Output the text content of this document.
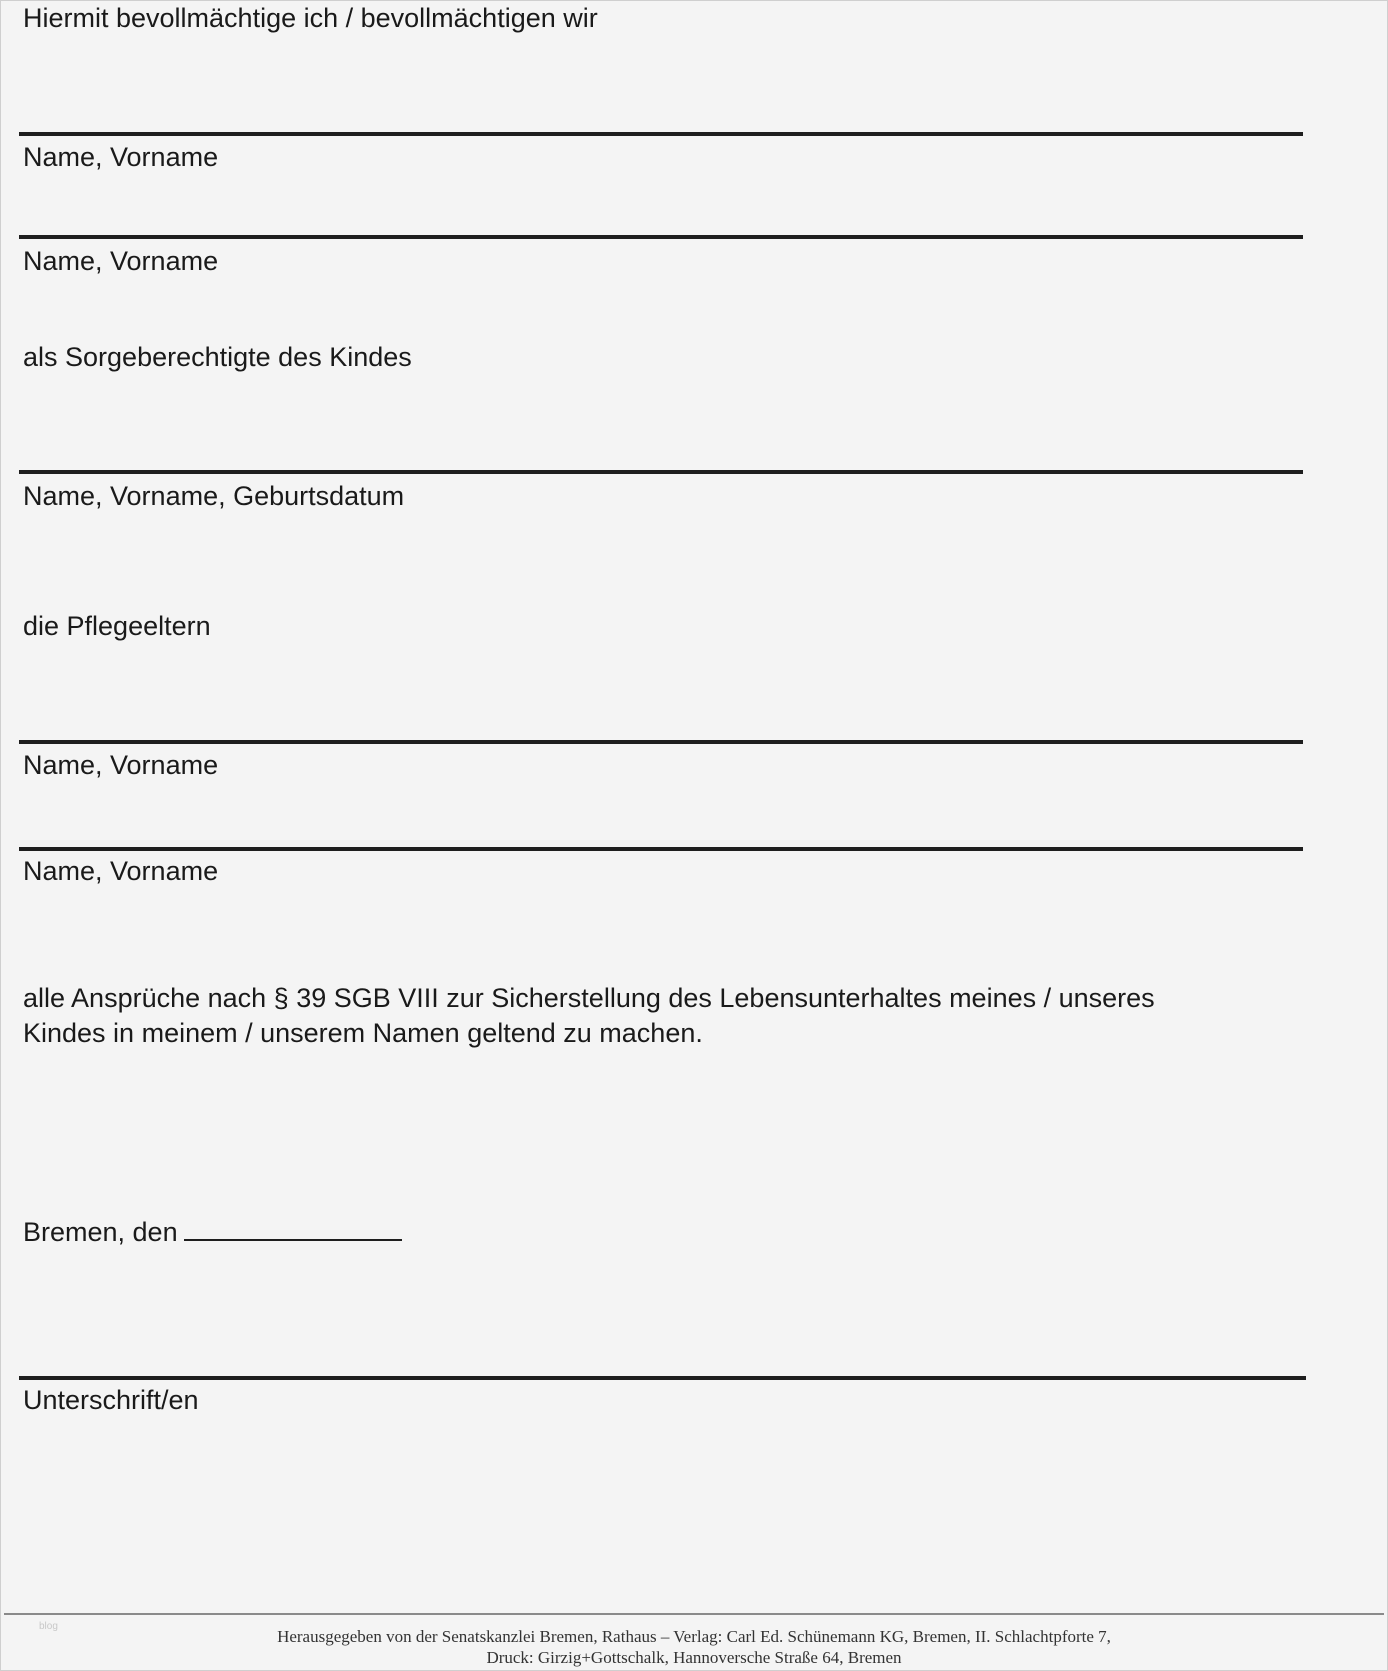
Hiermit bevollmächtige ich / bevollmächtigen wir
Name, Vorname
Name, Vorname
als Sorgeberechtigte des Kindes
Name, Vorname, Geburtsdatum
die Pflegeeltern
Name, Vorname
Name, Vorname
alle Ansprüche nach § 39 SGB VIII zur Sicherstellung des Lebensunterhaltes meines / unseres
Kindes in meinem / unserem Namen geltend zu machen.
Bremen, den
Unterschrift/en
blog
Herausgegeben von der Senatskanzlei Bremen, Rathaus – Verlag: Carl Ed. Schünemann KG, Bremen, II. Schlachtpforte 7,
Druck: Girzig+Gottschalk, Hannoversche Straße 64, Bremen
